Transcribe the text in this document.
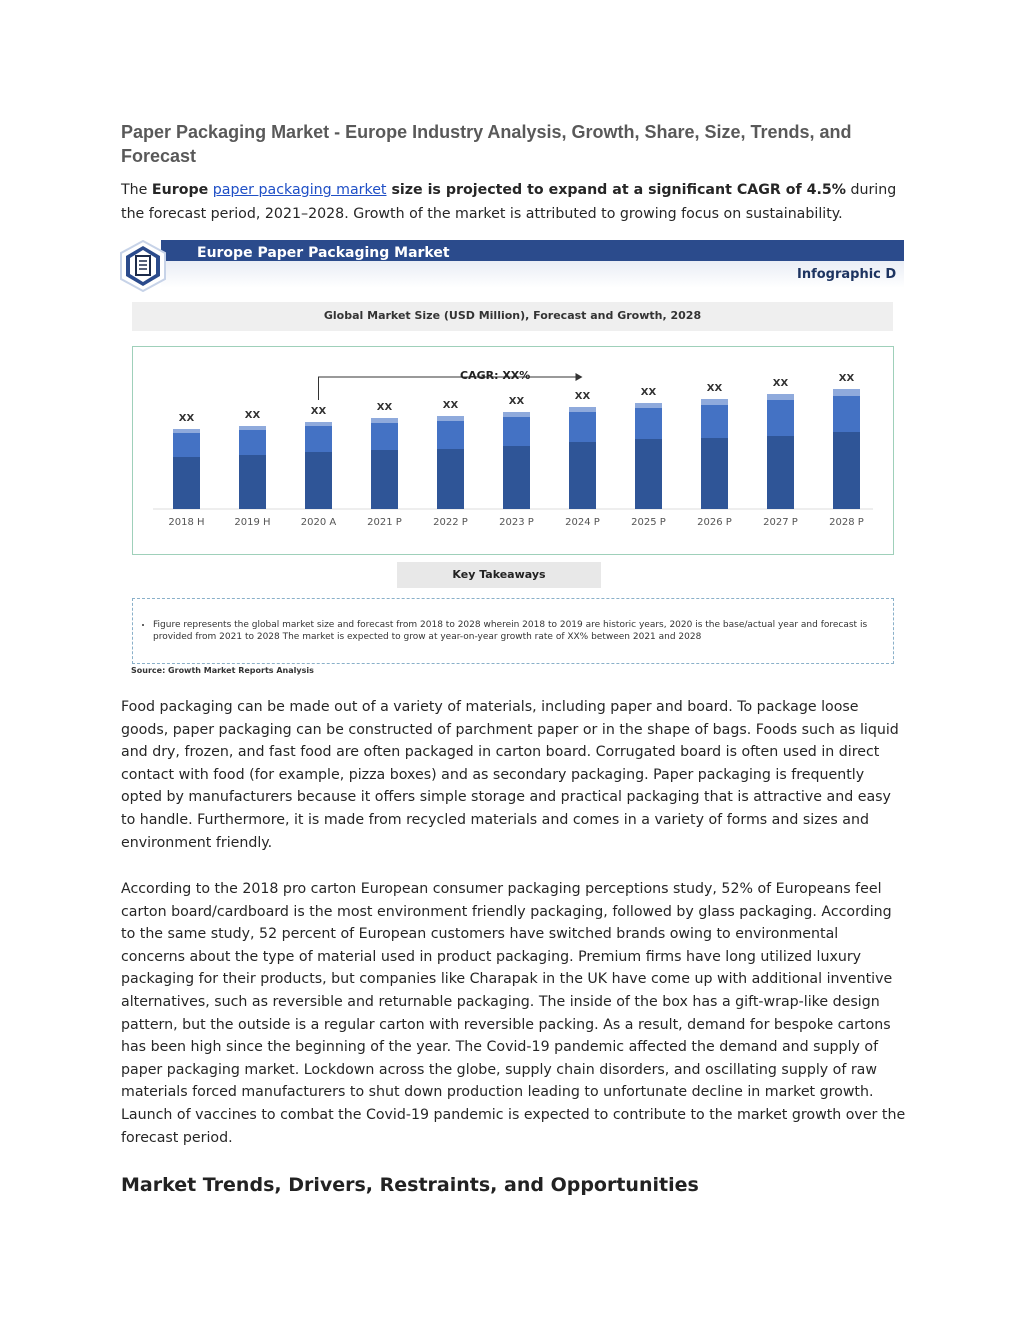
Paper Packaging Market - Europe Industry Analysis, Growth, Share, Size, Trends, and Forecast

The Europe paper packaging market size is projected to expand at a significant CAGR of 4.5% during the forecast period, 2021–2028. Growth of the market is attributed to growing focus on sustainability.

Europe Paper Packaging Market
Infographic D
Global Market Size (USD Million), Forecast and Growth, 2028
XX
2018 H
XX
2019 H
XX
2020 A
XX
2021 P
XX
2022 P
XX
2023 P
XX
2024 P
XX
2025 P
XX
2026 P
XX
2027 P
XX
2028 P
CAGR: XX%
Key Takeaways
• Figure represents the global market size and forecast from 2018 to 2028 wherein 2018 to 2019 are historic years, 2020 is the base/actual year and forecast is provided from 2021 to 2028 The market is expected to grow at year-on-year growth rate of XX% between 2021 and 2028
Source: Growth Market Reports Analysis

Food packaging can be made out of a variety of materials, including paper and board. To package loose goods, paper packaging can be constructed of parchment paper or in the shape of bags. Foods such as liquid and dry, frozen, and fast food are often packaged in carton board. Corrugated board is often used in direct contact with food (for example, pizza boxes) and as secondary packaging. Paper packaging is frequently opted by manufacturers because it offers simple storage and practical packaging that is attractive and easy to handle. Furthermore, it is made from recycled materials and comes in a variety of forms and sizes and environment friendly.

According to the 2018 pro carton European consumer packaging perceptions study, 52% of Europeans feel carton board/cardboard is the most environment friendly packaging, followed by glass packaging. According to the same study, 52 percent of European customers have switched brands owing to environmental concerns about the type of material used in product packaging. Premium firms have long utilized luxury packaging for their products, but companies like Charapak in the UK have come up with additional inventive alternatives, such as reversible and returnable packaging. The inside of the box has a gift-wrap-like design pattern, but the outside is a regular carton with reversible packing. As a result, demand for bespoke cartons has been high since the beginning of the year. The Covid-19 pandemic affected the demand and supply of paper packaging market. Lockdown across the globe, supply chain disorders, and oscillating supply of raw materials forced manufacturers to shut down production leading to unfortunate decline in market growth. Launch of vaccines to combat the Covid-19 pandemic is expected to contribute to the market growth over the forecast period.

Market Trends, Drivers, Restraints, and Opportunities
